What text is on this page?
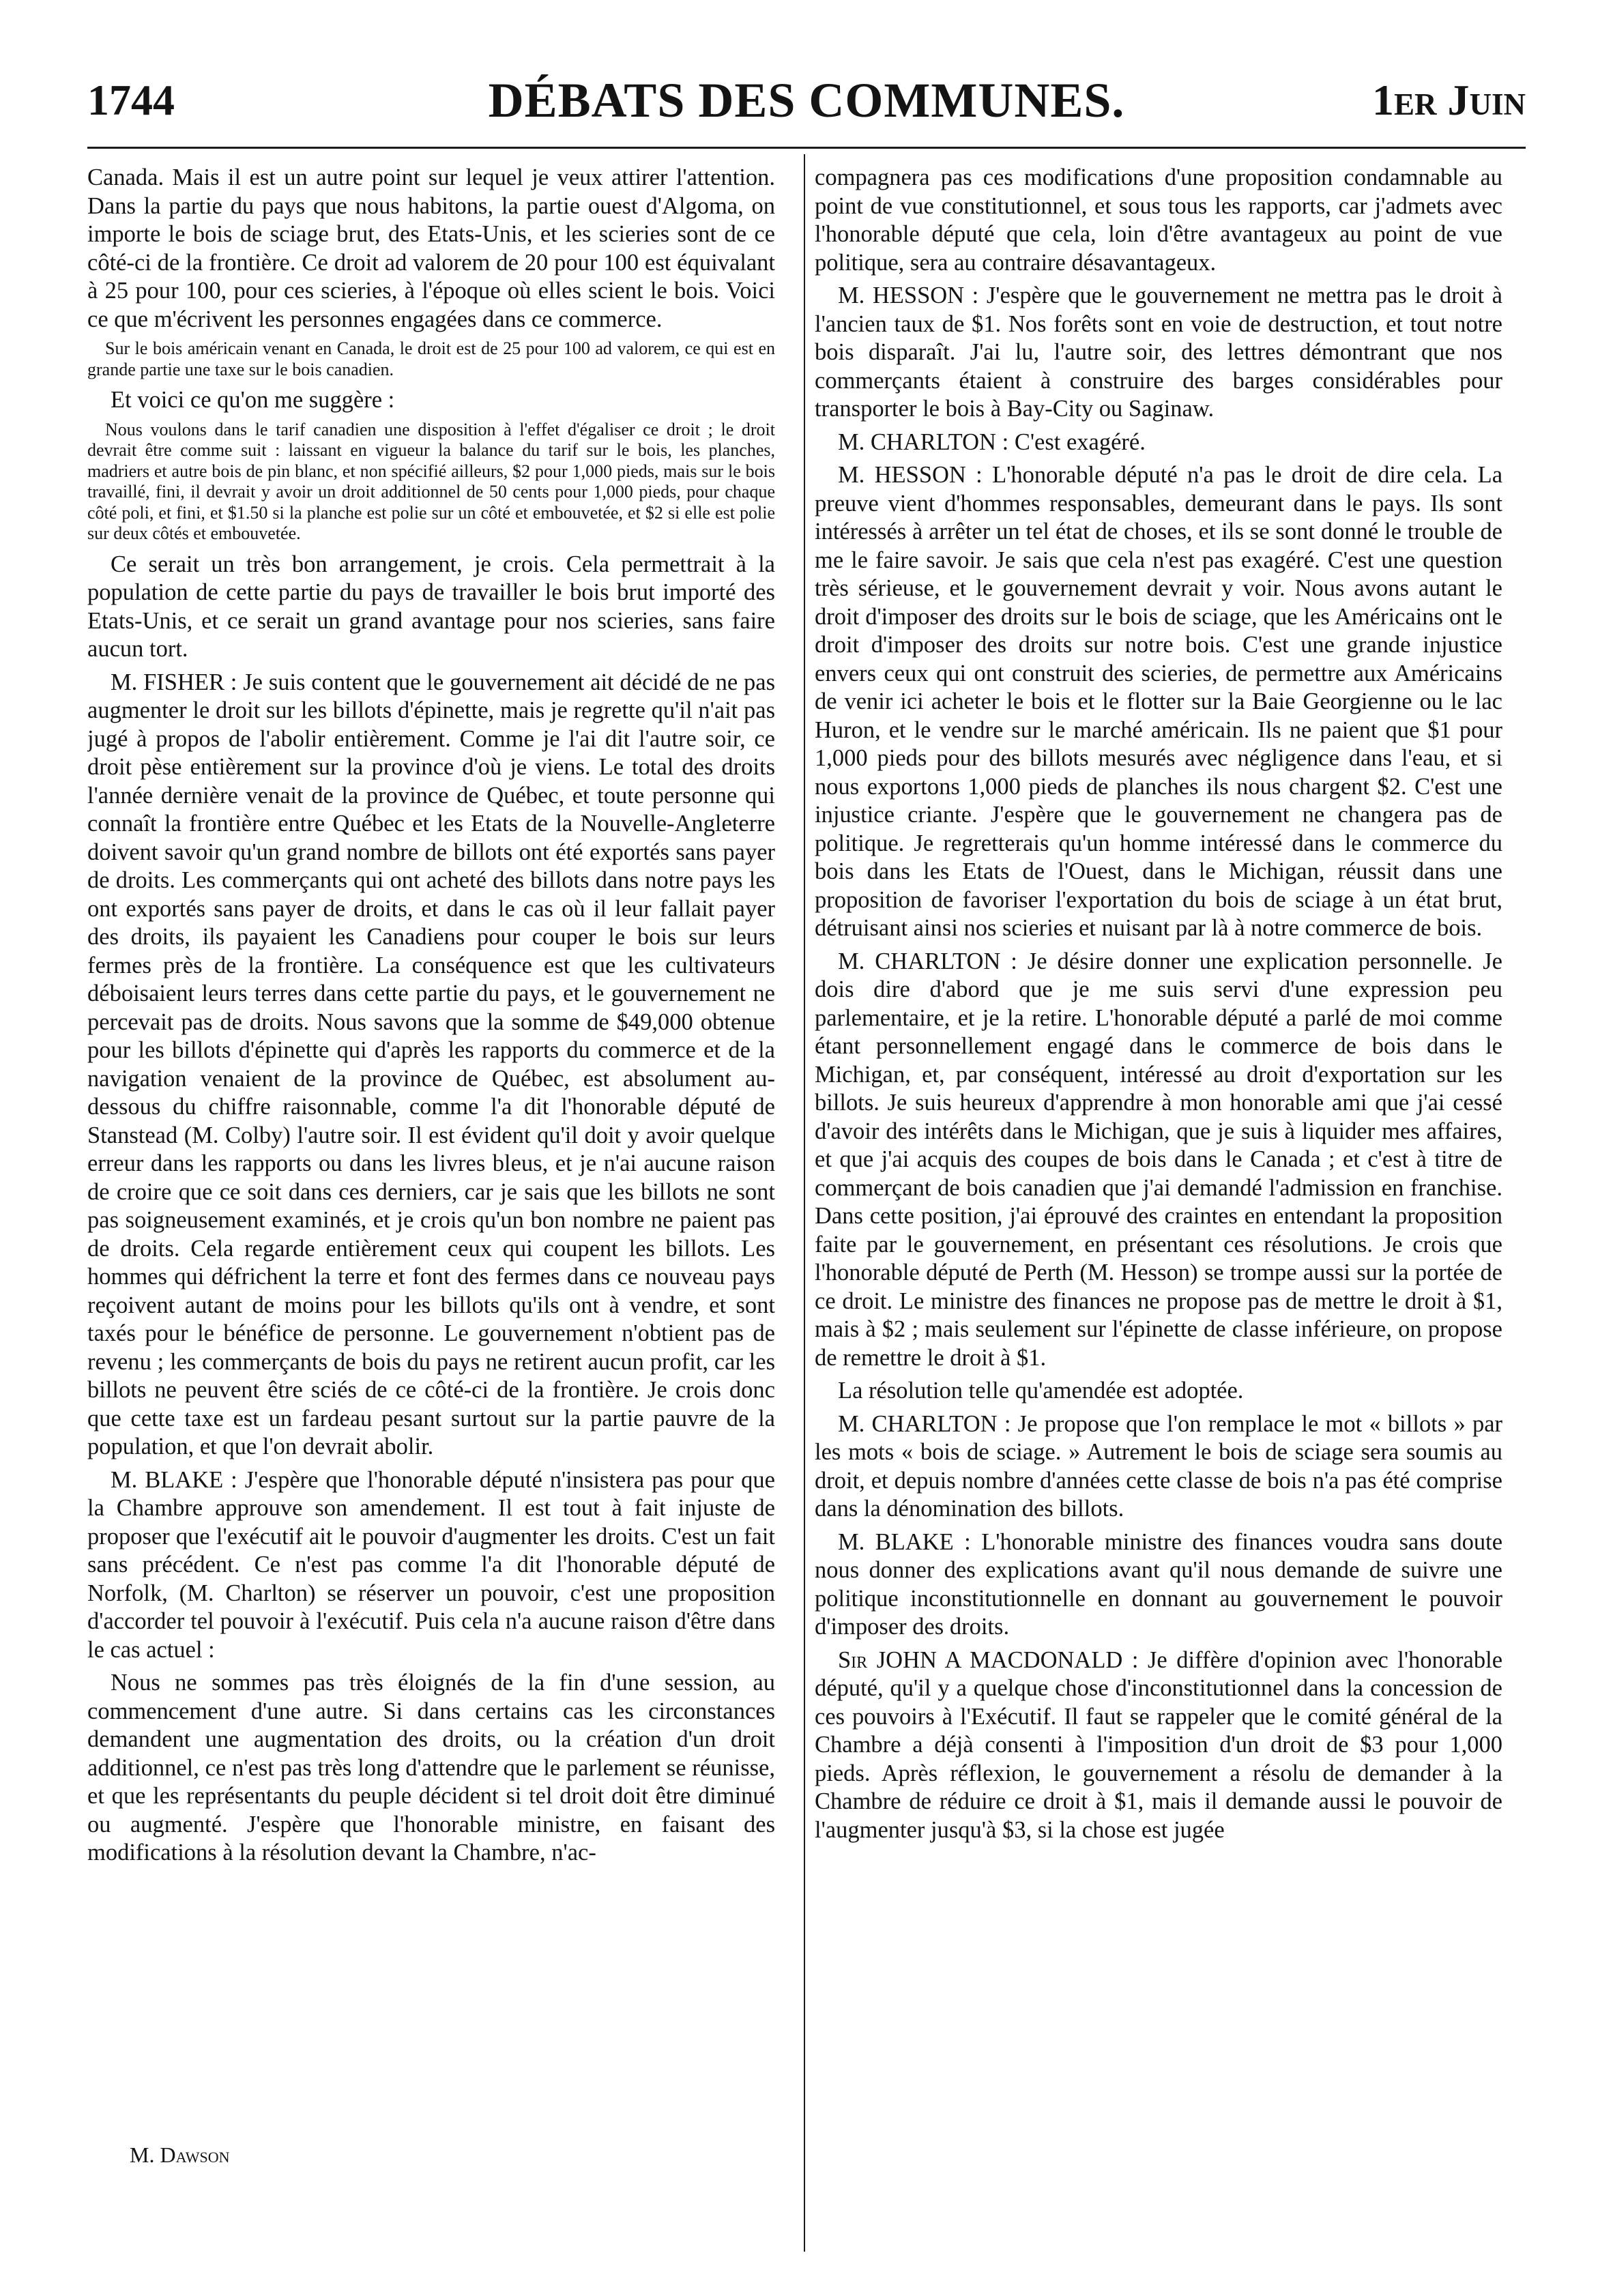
1744	DÉBATS DES COMMUNES.	1er Juin

Canada. Mais il est un autre point sur lequel je veux attirer l'attention. Dans la partie du pays que nous habitons, la partie ouest d'Algoma, on importe le bois de sciage brut, des Etats-Unis, et les scieries sont de ce côté-ci de la frontière. Ce droit ad valorem de 20 pour 100 est équivalant à 25 pour 100, pour ces scieries, à l'époque où elles scient le bois. Voici ce que m'écrivent les personnes engagées dans ce commerce.

Sur le bois américain venant en Canada, le droit est de 25 pour 100 ad valorem, ce qui est en grande partie une taxe sur le bois canadien.

Et voici ce qu'on me suggère :

Nous voulons dans le tarif canadien une disposition à l'effet d'égaliser ce droit ; le droit devrait être comme suit : laissant en vigueur la balance du tarif sur le bois, les planches, madriers et autre bois de pin blanc, et non spécifié ailleurs, $2 pour 1,000 pieds, mais sur le bois travaillé, fini, il devrait y avoir un droit additionnel de 50 cents pour 1,000 pieds, pour chaque côté poli, et fini, et $1.50 si la planche est polie sur un côté et embouvetée, et $2 si elle est polie sur deux côtés et embouvetée.

Ce serait un très bon arrangement, je crois. Cela permettrait à la population de cette partie du pays de travailler le bois brut importé des Etats-Unis, et ce serait un grand avantage pour nos scieries, sans faire aucun tort.

M. FISHER : Je suis content que le gouvernement ait décidé de ne pas augmenter le droit sur les billots d'épinette, mais je regrette qu'il n'ait pas jugé à propos de l'abolir entièrement. Comme je l'ai dit l'autre soir, ce droit pèse entièrement sur la province d'où je viens. Le total des droits l'année dernière venait de la province de Québec, et toute personne qui connaît la frontière entre Québec et les Etats de la Nouvelle-Angleterre doivent savoir qu'un grand nombre de billots ont été exportés sans payer de droits. Les commerçants qui ont acheté des billots dans notre pays les ont exportés sans payer de droits, et dans le cas où il leur fallait payer des droits, ils payaient les Canadiens pour couper le bois sur leurs fermes près de la frontière. La conséquence est que les cultivateurs déboisaient leurs terres dans cette partie du pays, et le gouvernement ne percevait pas de droits. Nous savons que la somme de $49,000 obtenue pour les billots d'épinette qui d'après les rapports du commerce et de la navigation venaient de la province de Québec, est absolument au-dessous du chiffre raisonnable, comme l'a dit l'honorable député de Stanstead (M. Colby) l'autre soir. Il est évident qu'il doit y avoir quelque erreur dans les rapports ou dans les livres bleus, et je n'ai aucune raison de croire que ce soit dans ces derniers, car je sais que les billots ne sont pas soigneusement examinés, et je crois qu'un bon nombre ne paient pas de droits. Cela regarde entièrement ceux qui coupent les billots. Les hommes qui défrichent la terre et font des fermes dans ce nouveau pays reçoivent autant de moins pour les billots qu'ils ont à vendre, et sont taxés pour le bénéfice de personne. Le gouvernement n'obtient pas de revenu ; les commerçants de bois du pays ne retirent aucun profit, car les billots ne peuvent être sciés de ce côté-ci de la frontière. Je crois donc que cette taxe est un fardeau pesant surtout sur la partie pauvre de la population, et que l'on devrait abolir.

M. BLAKE : J'espère que l'honorable député n'insistera pas pour que la Chambre approuve son amendement. Il est tout à fait injuste de proposer que l'exécutif ait le pouvoir d'augmenter les droits. C'est un fait sans précédent. Ce n'est pas comme l'a dit l'honorable député de Norfolk, (M. Charlton) se réserver un pouvoir, c'est une proposition d'accorder tel pouvoir à l'exécutif. Puis cela n'a aucune raison d'être dans le cas actuel :

Nous ne sommes pas très éloignés de la fin d'une session, au commencement d'une autre. Si dans certains cas les circonstances demandent une augmentation des droits, ou la création d'un droit additionnel, ce n'est pas très long d'attendre que le parlement se réunisse, et que les représentants du peuple décident si tel droit doit être diminué ou augmenté. J'espère que l'honorable ministre, en faisant des modifications à la résolution devant la Chambre, n'ac-

M. Dawson

compagnera pas ces modifications d'une proposition condamnable au point de vue constitutionnel, et sous tous les rapports, car j'admets avec l'honorable député que cela, loin d'être avantageux au point de vue politique, sera au contraire désavantageux.

M. HESSON : J'espère que le gouvernement ne mettra pas le droit à l'ancien taux de $1. Nos forêts sont en voie de destruction, et tout notre bois disparaît. J'ai lu, l'autre soir, des lettres démontrant que nos commerçants étaient à construire des barges considérables pour transporter le bois à Bay-City ou Saginaw.

M. CHARLTON : C'est exagéré.

M. HESSON : L'honorable député n'a pas le droit de dire cela. La preuve vient d'hommes responsables, demeurant dans le pays. Ils sont intéressés à arrêter un tel état de choses, et ils se sont donné le trouble de me le faire savoir. Je sais que cela n'est pas exagéré. C'est une question très sérieuse, et le gouvernement devrait y voir. Nous avons autant le droit d'imposer des droits sur le bois de sciage, que les Américains ont le droit d'imposer des droits sur notre bois. C'est une grande injustice envers ceux qui ont construit des scieries, de permettre aux Américains de venir ici acheter le bois et le flotter sur la Baie Georgienne ou le lac Huron, et le vendre sur le marché américain. Ils ne paient que $1 pour 1,000 pieds pour des billots mesurés avec négligence dans l'eau, et si nous exportons 1,000 pieds de planches ils nous chargent $2. C'est une injustice criante. J'espère que le gouvernement ne changera pas de politique. Je regretterais qu'un homme intéressé dans le commerce du bois dans les Etats de l'Ouest, dans le Michigan, réussit dans une proposition de favoriser l'exportation du bois de sciage à un état brut, détruisant ainsi nos scieries et nuisant par là à notre commerce de bois.

M. CHARLTON : Je désire donner une explication personnelle. Je dois dire d'abord que je me suis servi d'une expression peu parlementaire, et je la retire. L'honorable député a parlé de moi comme étant personnellement engagé dans le commerce de bois dans le Michigan, et, par conséquent, intéressé au droit d'exportation sur les billots. Je suis heureux d'apprendre à mon honorable ami que j'ai cessé d'avoir des intérêts dans le Michigan, que je suis à liquider mes affaires, et que j'ai acquis des coupes de bois dans le Canada ; et c'est à titre de commerçant de bois canadien que j'ai demandé l'admission en franchise. Dans cette position, j'ai éprouvé des craintes en entendant la proposition faite par le gouvernement, en présentant ces résolutions. Je crois que l'honorable député de Perth (M. Hesson) se trompe aussi sur la portée de ce droit. Le ministre des finances ne propose pas de mettre le droit à $1, mais à $2 ; mais seulement sur l'épinette de classe inférieure, on propose de remettre le droit à $1.

La résolution telle qu'amendée est adoptée.

M. CHARLTON : Je propose que l'on remplace le mot « billots » par les mots « bois de sciage. » Autrement le bois de sciage sera soumis au droit, et depuis nombre d'années cette classe de bois n'a pas été comprise dans la dénomination des billots.

M. BLAKE : L'honorable ministre des finances voudra sans doute nous donner des explications avant qu'il nous demande de suivre une politique inconstitutionnelle en donnant au gouvernement le pouvoir d'imposer des droits.

Sir JOHN A MACDONALD : Je diffère d'opinion avec l'honorable député, qu'il y a quelque chose d'inconstitutionnel dans la concession de ces pouvoirs à l'Exécutif. Il faut se rappeler que le comité général de la Chambre a déjà consenti à l'imposition d'un droit de $3 pour 1,000 pieds. Après réflexion, le gouvernement a résolu de demander à la Chambre de réduire ce droit à $1, mais il demande aussi le pouvoir de l'augmenter jusqu'à $3, si la chose est jugée
